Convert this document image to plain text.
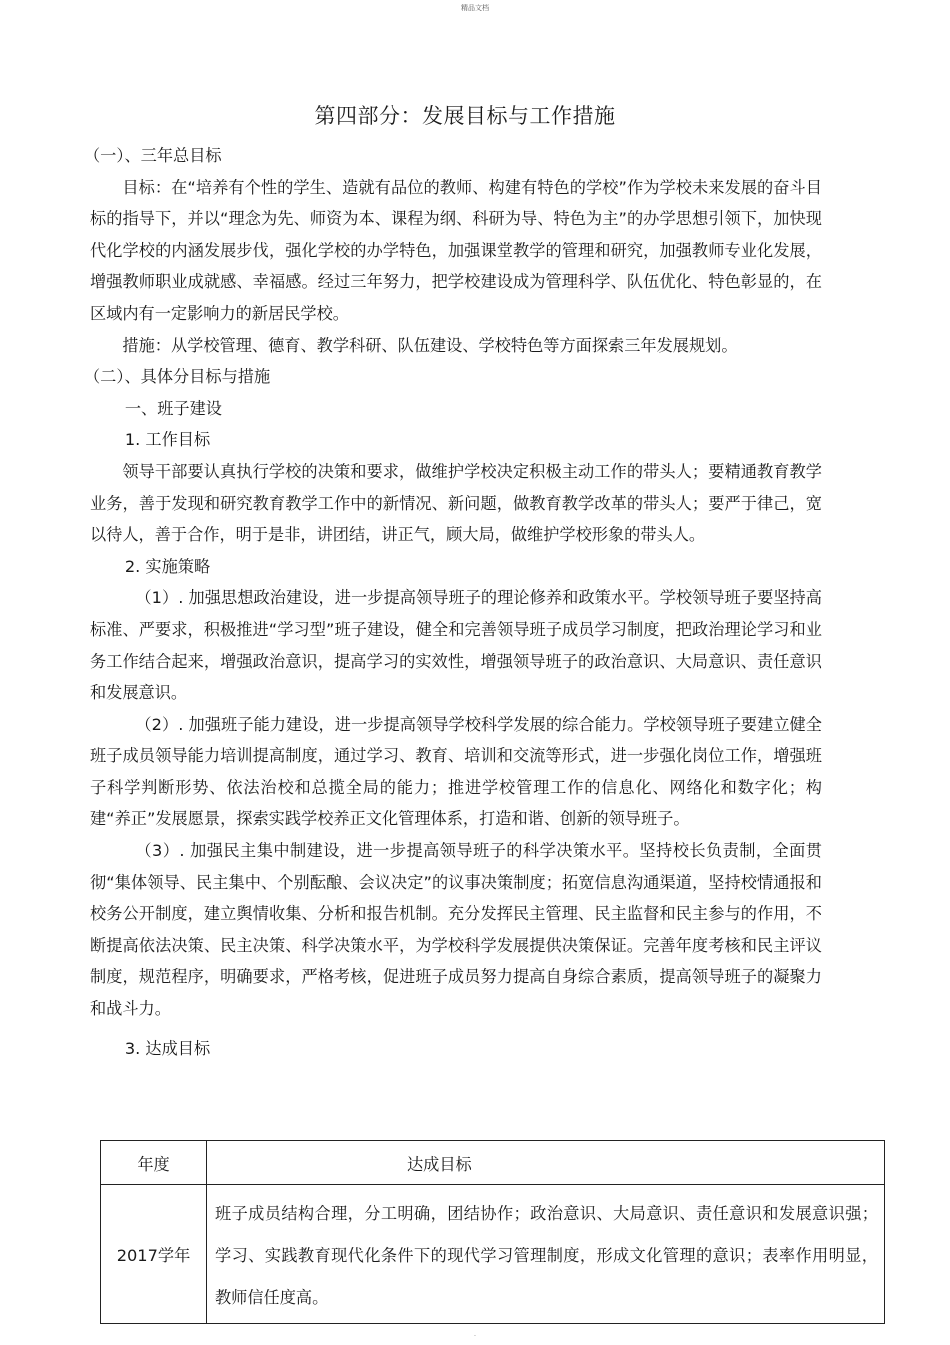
精品文档
第四部分：发展目标与工作措施

（一）、三年总目标

目标：在“培养有个性的学生、造就有品位的教师、构建有特色的学校”作为学校未来发展的奋斗目标的指导下，并以“理念为先、师资为本、课程为纲、科研为导、特色为主”的办学思想引领下，加快现代化学校的内涵发展步伐，强化学校的办学特色，加强课堂教学的管理和研究，加强教师专业化发展，增强教师职业成就感、幸福感。经过三年努力，把学校建设成为管理科学、队伍优化、特色彰显的，在区域内有一定影响力的新居民学校。

措施：从学校管理、德育、教学科研、队伍建设、学校特色等方面探索三年发展规划。

（二）、具体分目标与措施

一、班子建设

1. 工作目标

领导干部要认真执行学校的决策和要求，做维护学校决定积极主动工作的带头人；要精通教育教学业务，善于发现和研究教育教学工作中的新情况、新问题，做教育教学改革的带头人；要严于律己，宽以待人，善于合作，明于是非，讲团结，讲正气，顾大局，做维护学校形象的带头人。

2. 实施策略

（1）. 加强思想政治建设，进一步提高领导班子的理论修养和政策水平。学校领导班子要坚持高标准、严要求，积极推进“学习型”班子建设，健全和完善领导班子成员学习制度，把政治理论学习和业务工作结合起来，增强政治意识，提高学习的实效性，增强领导班子的政治意识、大局意识、责任意识和发展意识。

（2）. 加强班子能力建设，进一步提高领导学校科学发展的综合能力。学校领导班子要建立健全班子成员领导能力培训提高制度，通过学习、教育、培训和交流等形式，进一步强化岗位工作，增强班子科学判断形势、依法治校和总揽全局的能力；推进学校管理工作的信息化、网络化和数字化；构建“养正”发展愿景，探索实践学校养正文化管理体系，打造和谐、创新的领导班子。

（3）. 加强民主集中制建设，进一步提高领导班子的科学决策水平。坚持校长负责制，全面贯彻“集体领导、民主集中、个别酝酿、会议决定”的议事决策制度；拓宽信息沟通渠道，坚持校情通报和校务公开制度，建立舆情收集、分析和报告机制。充分发挥民主管理、民主监督和民主参与的作用，不断提高依法决策、民主决策、科学决策水平，为学校科学发展提供决策保证。完善年度考核和民主评议制度，规范程序，明确要求，严格考核，促进班子成员努力提高自身综合素质，提高领导班子的凝聚力和战斗力。

3. 达成目标

年度	达成目标
2017学年	班子成员结构合理，分工明确，团结协作；政治意识、大局意识、责任意识和发展意识强；学习、实践教育现代化条件下的现代学习管理制度，形成文化管理的意识；表率作用明显，教师信任度高。
.
